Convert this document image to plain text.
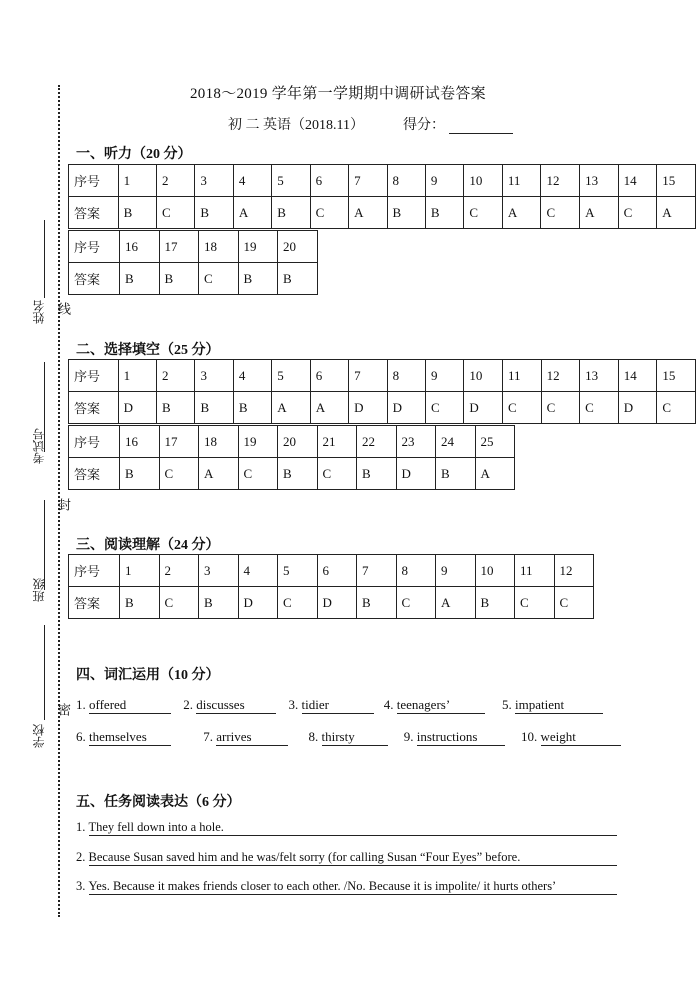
姓名 线
考试号
封
班级
学校
密
2018～2019 学年第一学期期中调研试卷答案
初 二 英语（2018.11）	得分：
一、听力（20 分）
序号	1	2	3	4	5	6	7	8	9	10	11	12	13	14	15
答案	B	C	B	A	B	C	A	B	B	C	A	C	A	C	A
序号	16	17	18	19	20
答案	B	B	C	B	B
二、选择填空（25 分）
序号	1	2	3	4	5	6	7	8	9	10	11	12	13	14	15
答案	D	B	B	B	A	A	D	D	C	D	C	C	C	D	C
序号	16	17	18	19	20	21	22	23	24	25
答案	B	C	A	C	B	C	B	D	B	A
三、阅读理解（24 分）
序号	1	2	3	4	5	6	7	8	9	10	11	12
答案	B	C	B	D	C	D	B	C	A	B	C	C
四、词汇运用（10 分）
1. offered	2. discusses	3. tidier	4. teenagers’	5. impatient
6. themselves	7. arrives	8. thirsty	9. instructions	10. weight
五、任务阅读表达（6 分）
1. They fell down into a hole.
2. Because Susan saved him and he was/felt sorry (for calling Susan “Four Eyes” before.
3. Yes. Because it makes friends closer to each other. /No. Because it is impolite/ it hurts others’
